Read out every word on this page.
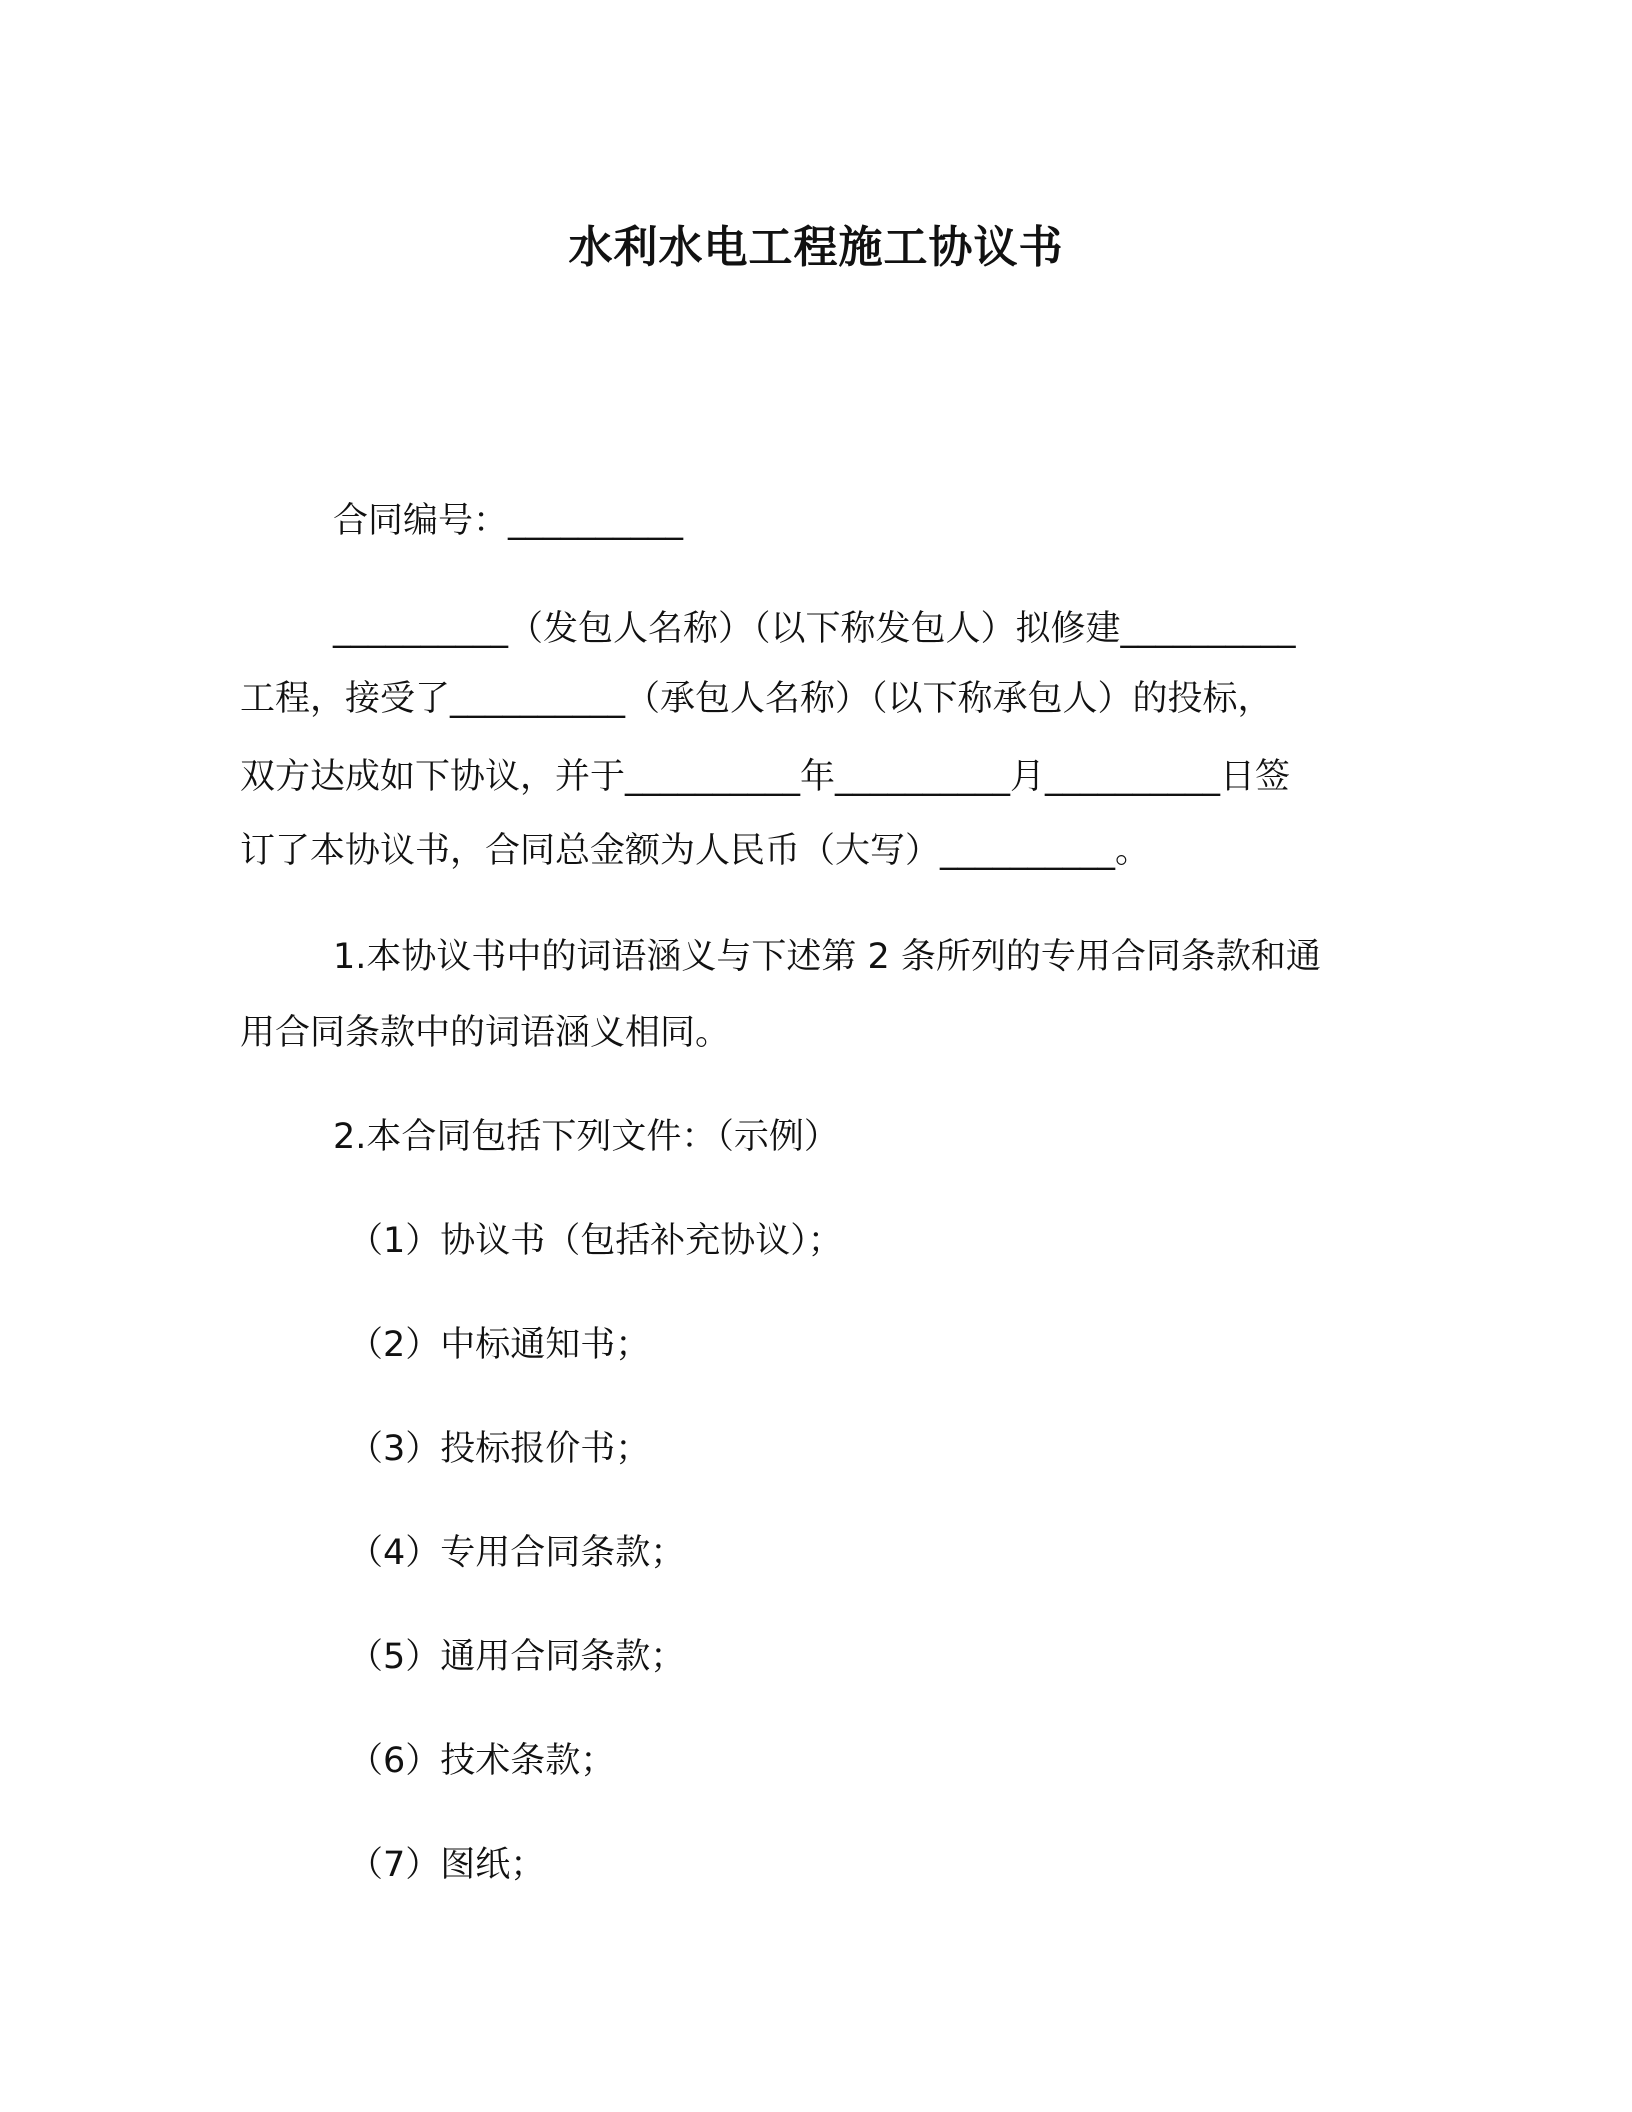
水利水电工程施工协议书
合同编号：__________
__________（发包人名称）（以下称发包人）拟修建__________
工程，接受了__________（承包人名称）（以下称承包人）的投标，
双方达成如下协议，并于__________年__________月__________日签
订了本协议书，合同总金额为人民币（大写）__________。
1.本协议书中的词语涵义与下述第 2 条所列的专用合同条款和通
用合同条款中的词语涵义相同。
2.本合同包括下列文件：（示例）
（1）协议书（包括补充协议）；
（2）中标通知书；
（3）投标报价书；
（4）专用合同条款；
（5）通用合同条款；
（6）技术条款；
（7）图纸；
